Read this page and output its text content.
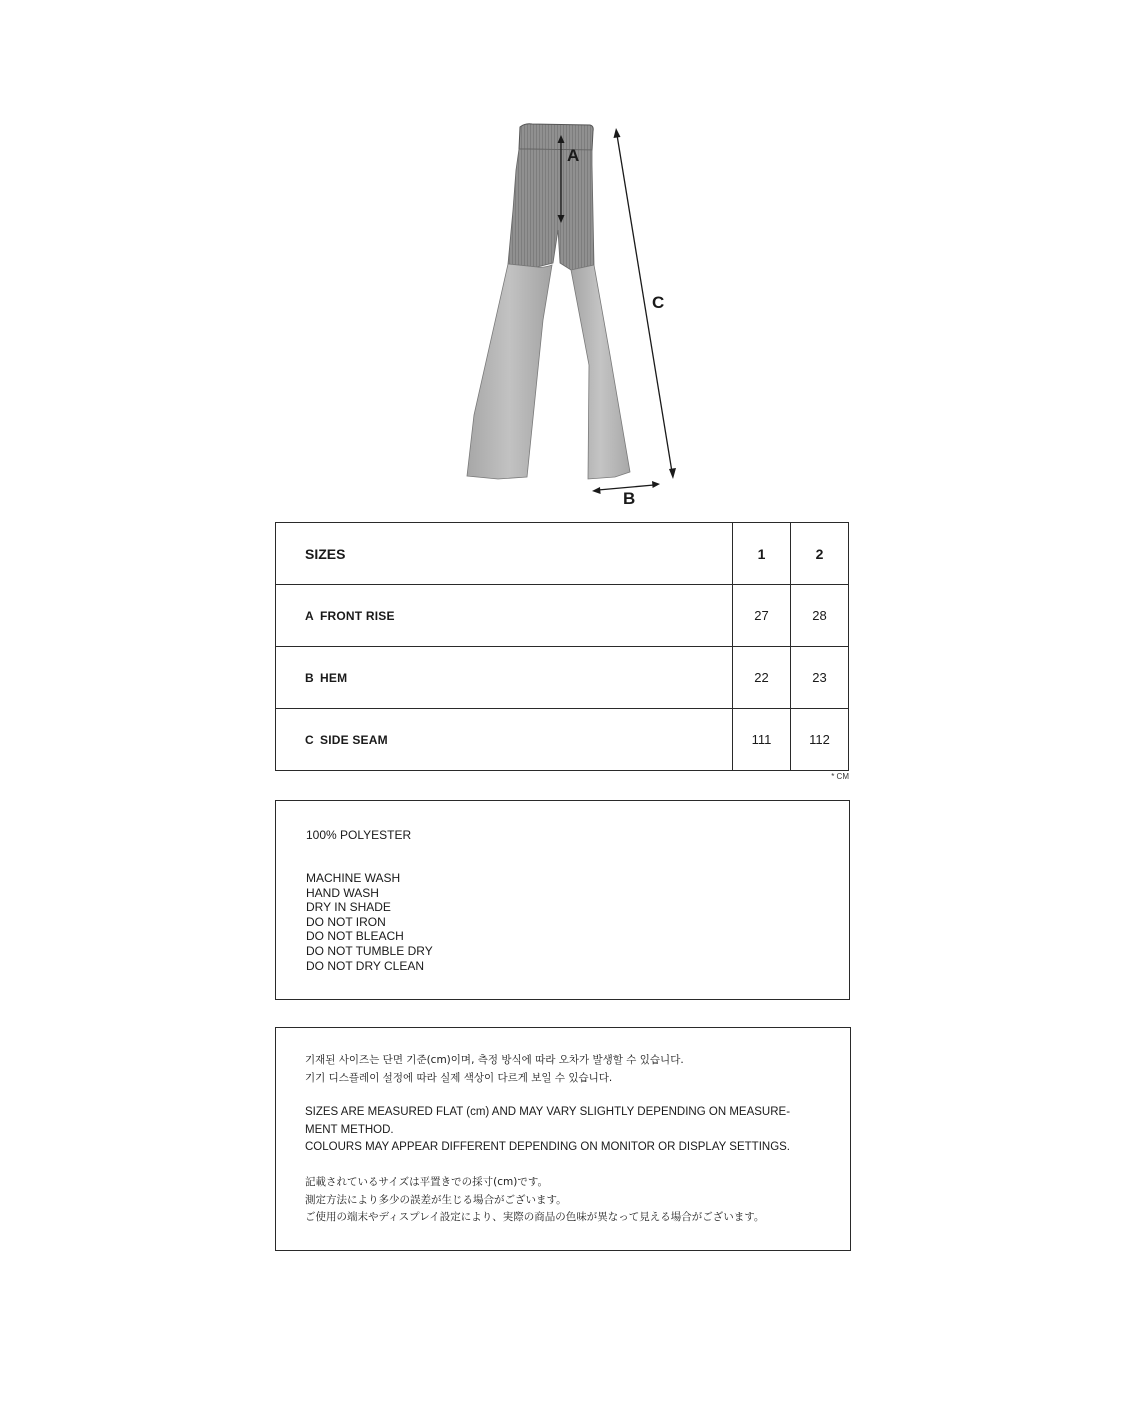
A
C
B
SIZES	1	2
A FRONT RISE	27	28
B HEM	22	23
C SIDE SEAM	111	112
* CM
100% POLYESTER
MACHINE WASH
HAND WASH
DRY IN SHADE
DO NOT IRON
DO NOT BLEACH
DO NOT TUMBLE DRY
DO NOT DRY CLEAN
기재된 사이즈는 단면 기준(cm)이며, 측정 방식에 따라 오차가 발생할 수 있습니다.
기기 디스플레이 설정에 따라 실제 색상이 다르게 보일 수 있습니다.
SIZES ARE MEASURED FLAT (cm) AND MAY VARY SLIGHTLY DEPENDING ON MEASURE-
MENT METHOD.
COLOURS MAY APPEAR DIFFERENT DEPENDING ON MONITOR OR DISPLAY SETTINGS.
記載されているサイズは平置きでの採寸(cm)です。
測定方法により多少の誤差が生じる場合がございます。
ご使用の端末やディスプレイ設定により、実際の商品の色味が異なって見える場合がございます。
